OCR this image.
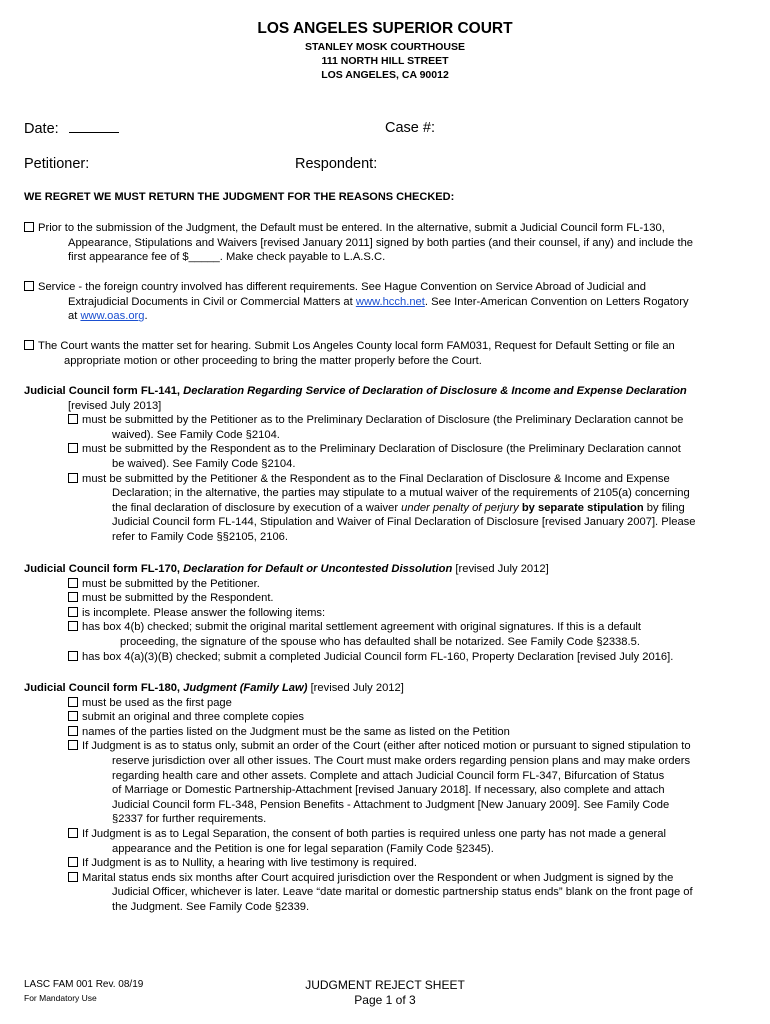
LOS ANGELES SUPERIOR COURT
STANLEY MOSK COURTHOUSE
111 NORTH HILL STREET
LOS ANGELES, CA 90012
Date:	Case #:
Petitioner:	Respondent:
WE REGRET WE MUST RETURN THE JUDGMENT FOR THE REASONS CHECKED:
Prior to the submission of the Judgment, the Default must be entered. In the alternative, submit a Judicial Council form FL-130,
Appearance, Stipulations and Waivers [revised January 2011] signed by both parties (and their counsel, if any) and include the
first appearance fee of $_____. Make check payable to L.A.S.C.
Service - the foreign country involved has different requirements. See Hague Convention on Service Abroad of Judicial and
Extrajudicial Documents in Civil or Commercial Matters at www.hcch.net. See Inter-American Convention on Letters Rogatory
at www.oas.org.
The Court wants the matter set for hearing. Submit Los Angeles County local form FAM031, Request for Default Setting or file an
appropriate motion or other proceeding to bring the matter properly before the Court.
Judicial Council form FL-141, Declaration Regarding Service of Declaration of Disclosure & Income and Expense Declaration
[revised July 2013]
must be submitted by the Petitioner as to the Preliminary Declaration of Disclosure (the Preliminary Declaration cannot be
waived). See Family Code §2104.
must be submitted by the Respondent as to the Preliminary Declaration of Disclosure (the Preliminary Declaration cannot
be waived). See Family Code §2104.
must be submitted by the Petitioner & the Respondent as to the Final Declaration of Disclosure & Income and Expense
Declaration; in the alternative, the parties may stipulate to a mutual waiver of the requirements of 2105(a) concerning
the final declaration of disclosure by execution of a waiver under penalty of perjury by separate stipulation by filing
Judicial Council form FL-144, Stipulation and Waiver of Final Declaration of Disclosure [revised January 2007]. Please
refer to Family Code §§2105, 2106.
Judicial Council form FL-170, Declaration for Default or Uncontested Dissolution [revised July 2012]
must be submitted by the Petitioner.
must be submitted by the Respondent.
is incomplete. Please answer the following items:
has box 4(b) checked; submit the original marital settlement agreement with original signatures. If this is a default
proceeding, the signature of the spouse who has defaulted shall be notarized. See Family Code §2338.5.
has box 4(a)(3)(B) checked; submit a completed Judicial Council form FL-160, Property Declaration [revised July 2016].
Judicial Council form FL-180, Judgment (Family Law) [revised July 2012]
must be used as the first page
submit an original and three complete copies
names of the parties listed on the Judgment must be the same as listed on the Petition
If Judgment is as to status only, submit an order of the Court (either after noticed motion or pursuant to signed stipulation to
reserve jurisdiction over all other issues. The Court must make orders regarding pension plans and may make orders
regarding health care and other assets. Complete and attach Judicial Council form FL-347, Bifurcation of Status
of Marriage or Domestic Partnership-Attachment [revised January 2018]. If necessary, also complete and attach
Judicial Council form FL-348, Pension Benefits - Attachment to Judgment [New January 2009]. See Family Code
§2337 for further requirements.
If Judgment is as to Legal Separation, the consent of both parties is required unless one party has not made a general
appearance and the Petition is one for legal separation (Family Code §2345).
If Judgment is as to Nullity, a hearing with live testimony is required.
Marital status ends six months after Court acquired jurisdiction over the Respondent or when Judgment is signed by the
Judicial Officer, whichever is later. Leave “date marital or domestic partnership status ends” blank on the front page of
the Judgment. See Family Code §2339.
LASC FAM 001 Rev. 08/19
For Mandatory Use
JUDGMENT REJECT SHEET
Page 1 of 3
